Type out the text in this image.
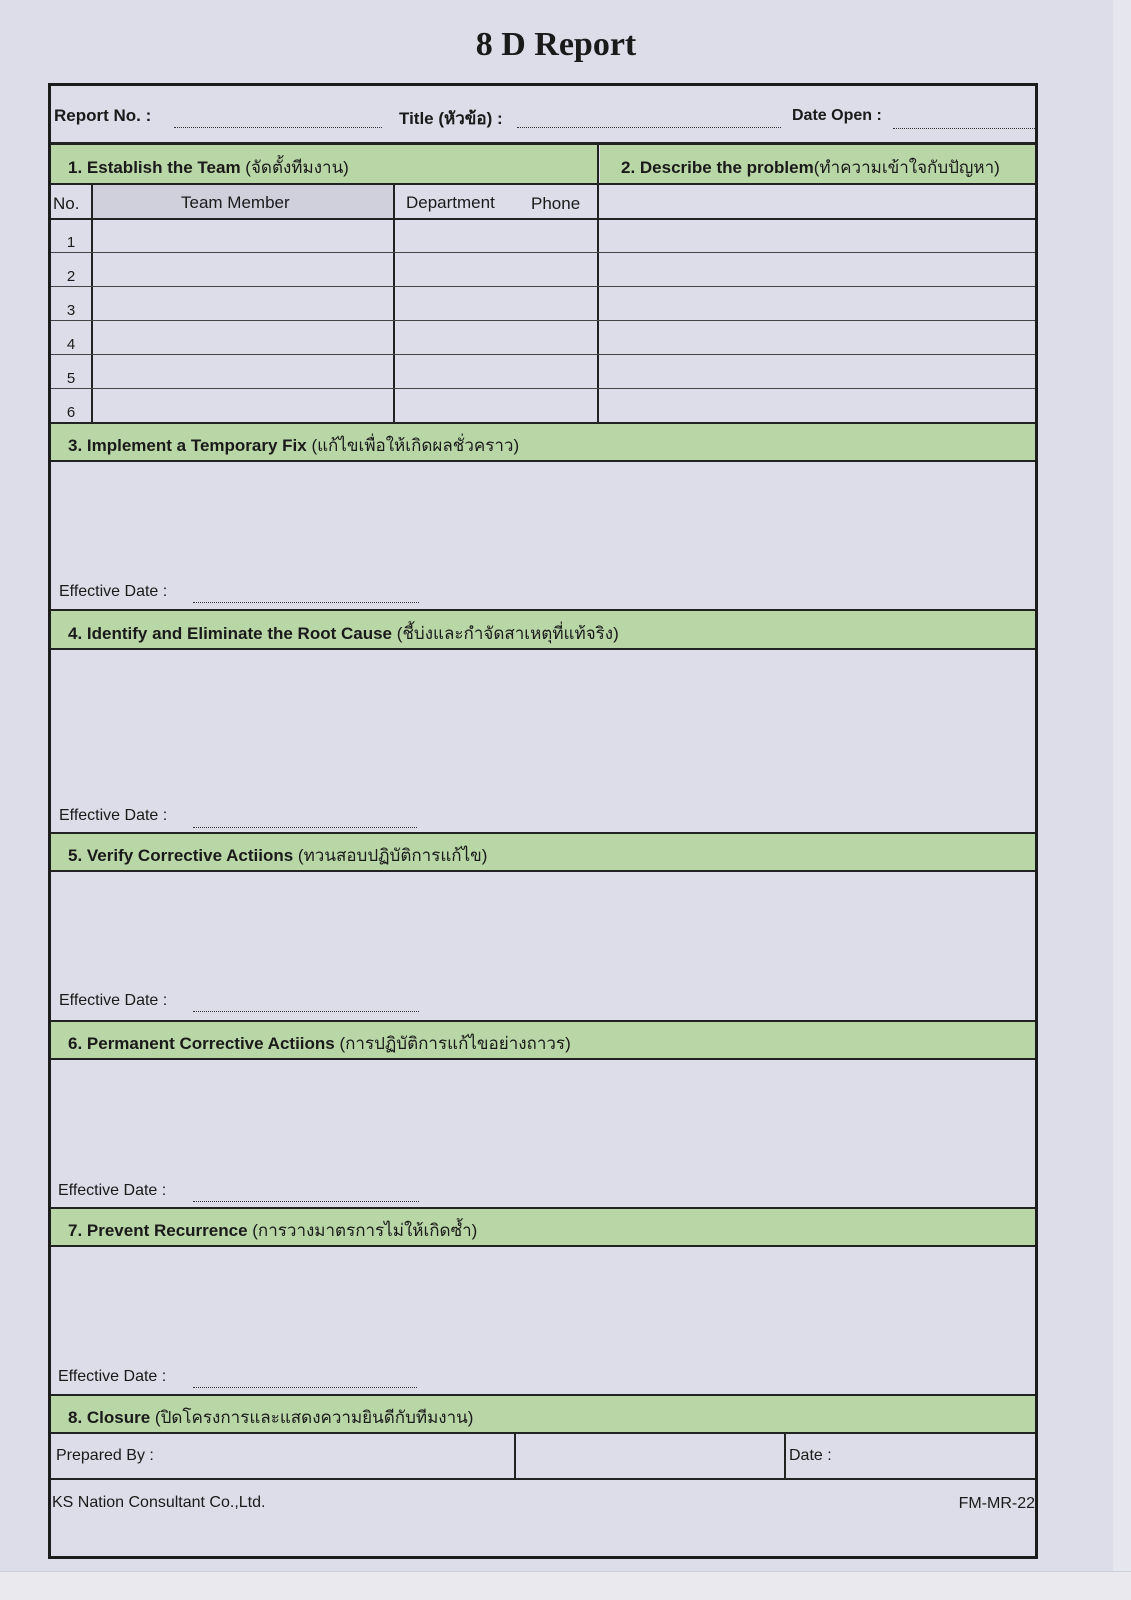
8 D Report
Report No. :	Title (หัวข้อ) :	Date Open :
1. Establish the Team (จัดตั้งทีมงาน)	2. Describe the problem(ทำความเข้าใจกับปัญหา)
No.	Team Member	Department Phone
1
2
3
4
5
6
3. Implement a Temporary Fix (แก้ไขเพื่อให้เกิดผลชั่วคราว)
Effective Date :
4. Identify and Eliminate the Root Cause (ชี้บ่งและกำจัดสาเหตุที่แท้จริง)
Effective Date :
5. Verify Corrective Actiions (ทวนสอบปฏิบัติการแก้ไข)
Effective Date :
6. Permanent Corrective Actiions (การปฏิบัติการแก้ไขอย่างถาวร)
Effective Date :
7. Prevent Recurrence (การวางมาตรการไม่ให้เกิดซ้ำ)
Effective Date :
8. Closure (ปิดโครงการและแสดงความยินดีกับทีมงาน)
Prepared By :	Date :
KS Nation Consultant Co.,Ltd.	FM-MR-22
